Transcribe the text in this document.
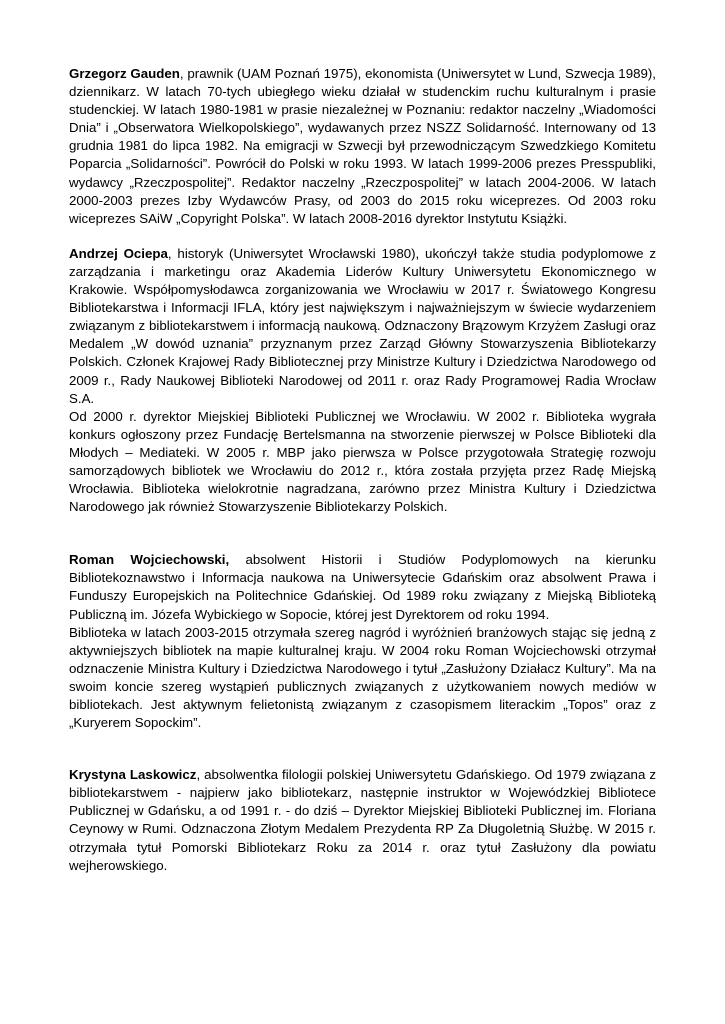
Grzegorz Gauden, prawnik (UAM Poznań 1975), ekonomista (Uniwersytet w Lund, Szwecja 1989), dziennikarz. W latach 70-tych ubiegłego wieku działał w studenckim ruchu kulturalnym i prasie studenckiej. W latach 1980-1981 w prasie niezależnej w Poznaniu: redaktor naczelny „Wiadomości Dnia” i „Obserwatora Wielkopolskiego”, wydawanych przez NSZZ Solidarność. Internowany od 13 grudnia 1981 do lipca 1982. Na emigracji w Szwecji był przewodniczącym Szwedzkiego Komitetu Poparcia „Solidarności”. Powrócił do Polski w roku 1993. W latach 1999-2006 prezes Presspubliki, wydawcy „Rzeczpospolitej”. Redaktor naczelny „Rzeczpospolitej” w latach 2004-2006. W latach 2000-2003 prezes Izby Wydawców Prasy, od 2003 do 2015 roku wiceprezes. Od 2003 roku wiceprezes SAiW „Copyright Polska”. W latach 2008-2016 dyrektor Instytutu Książki.

Andrzej Ociepa, historyk (Uniwersytet Wrocławski 1980), ukończył także studia podyplomowe z zarządzania i marketingu oraz Akademia Liderów Kultury Uniwersytetu Ekonomicznego w Krakowie. Współpomysłodawca zorganizowania we Wrocławiu w 2017 r. Światowego Kongresu Bibliotekarstwa i Informacji IFLA, który jest największym i najważniejszym w świecie wydarzeniem związanym z bibliotekarstwem i informacją naukową. Odznaczony Brązowym Krzyżem Zasługi oraz Medalem „W dowód uznania” przyznanym przez Zarząd Główny Stowarzyszenia Bibliotekarzy Polskich. Członek Krajowej Rady Bibliotecznej przy Ministrze Kultury i Dziedzictwa Narodowego od 2009 r., Rady Naukowej Biblioteki Narodowej od 2011 r. oraz Rady Programowej Radia Wrocław S.A.

Od 2000 r. dyrektor Miejskiej Biblioteki Publicznej we Wrocławiu. W 2002 r. Biblioteka wygrała konkurs ogłoszony przez Fundację Bertelsmanna na stworzenie pierwszej w Polsce Biblioteki dla Młodych – Mediateki. W 2005 r. MBP jako pierwsza w Polsce przygotowała Strategię rozwoju samorządowych bibliotek we Wrocławiu do 2012 r., która została przyjęta przez Radę Miejską Wrocławia. Biblioteka wielokrotnie nagradzana, zarówno przez Ministra Kultury i Dziedzictwa Narodowego jak również Stowarzyszenie Bibliotekarzy Polskich.

Roman Wojciechowski, absolwent Historii i Studiów Podyplomowych na kierunku Bibliotekoznawstwo i Informacja naukowa na Uniwersytecie Gdańskim oraz absolwent Prawa i Funduszy Europejskich na Politechnice Gdańskiej. Od 1989 roku związany z Miejską Biblioteką Publiczną im. Józefa Wybickiego w Sopocie, której jest Dyrektorem od roku 1994.

Biblioteka w latach 2003-2015 otrzymała szereg nagród i wyróżnień branżowych stając się jedną z aktywniejszych bibliotek na mapie kulturalnej kraju. W 2004 roku Roman Wojciechowski otrzymał odznaczenie Ministra Kultury i Dziedzictwa Narodowego i tytuł „Zasłużony Działacz Kultury”. Ma na swoim koncie szereg wystąpień publicznych związanych z użytkowaniem nowych mediów w bibliotekach. Jest aktywnym felietonistą związanym z czasopismem literackim „Topos” oraz z „Kuryerem Sopockim”.

Krystyna Laskowicz, absolwentka filologii polskiej Uniwersytetu Gdańskiego. Od 1979 związana z bibliotekarstwem - najpierw jako bibliotekarz, następnie instruktor w Wojewódzkiej Bibliotece Publicznej w Gdańsku, a od 1991 r. - do dziś – Dyrektor Miejskiej Biblioteki Publicznej im. Floriana Ceynowy w Rumi. Odznaczona Złotym Medalem Prezydenta RP Za Długoletnią Służbę. W 2015 r. otrzymała tytuł Pomorski Bibliotekarz Roku za 2014 r. oraz tytuł Zasłużony dla powiatu wejherowskiego.
